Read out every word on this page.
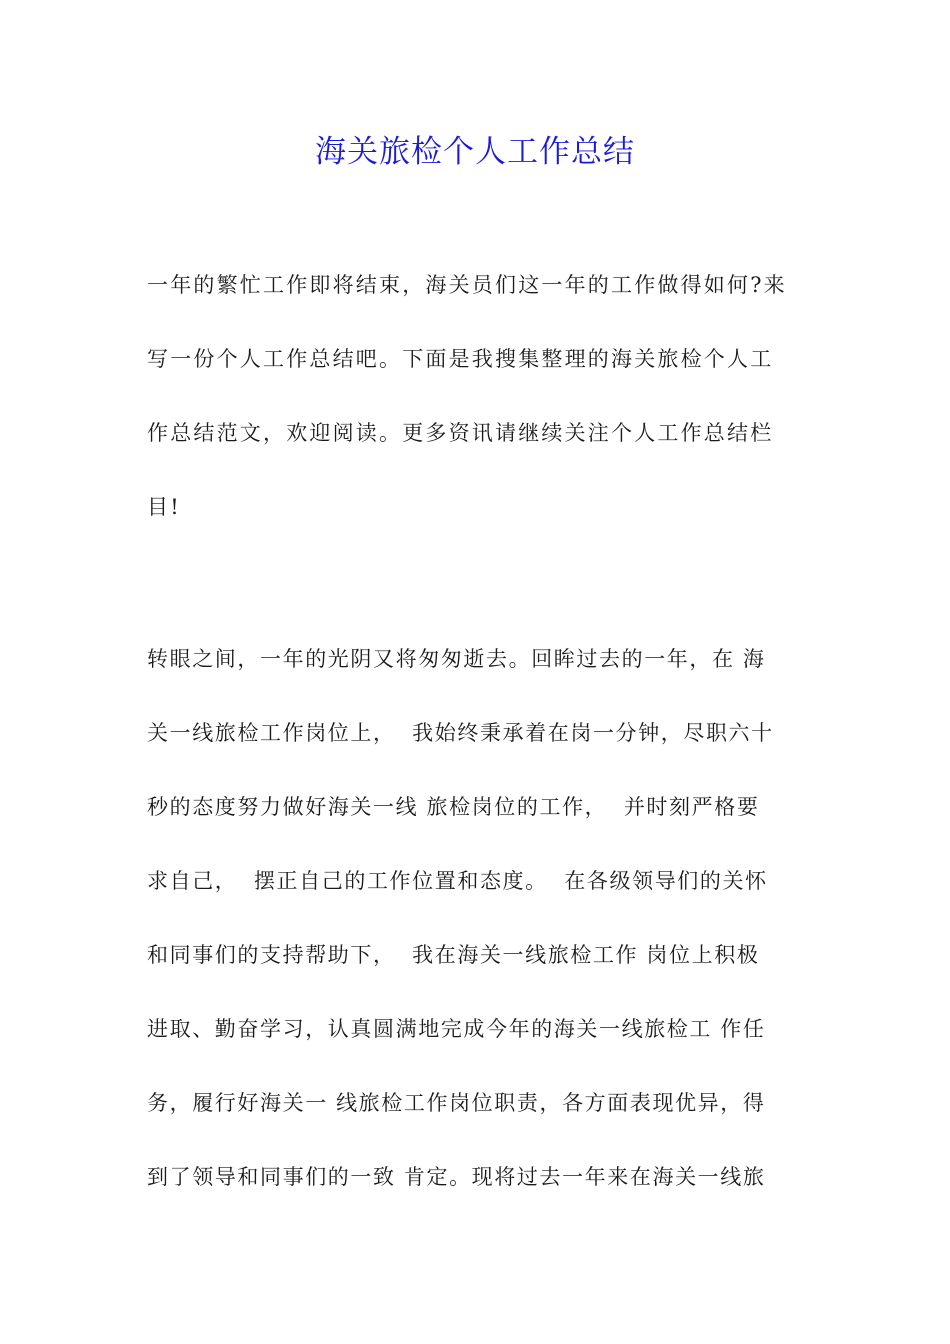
海关旅检个人工作总结
一年的繁忙工作即将结束，海关员们这一年的工作做得如何?来
写一份个人工作总结吧。下面是我搜集整理的海关旅检个人工
作总结范文，欢迎阅读。更多资讯请继续关注个人工作总结栏
目!
转眼之间，一年的光阴又将匆匆逝去。回眸过去的一年，在 海
关一线旅检工作岗位上，  我始终秉承着在岗一分钟，尽职六十
秒的态度努力做好海关一线 旅检岗位的工作，  并时刻严格要
求自己，  摆正自己的工作位置和态度。  在各级领导们的关怀
和同事们的支持帮助下，  我在海关一线旅检工作 岗位上积极
进取、勤奋学习，认真圆满地完成今年的海关一线旅检工 作任
务，履行好海关一 线旅检工作岗位职责，各方面表现优异，得
到了领导和同事们的一致 肯定。现将过去一年来在海关一线旅
